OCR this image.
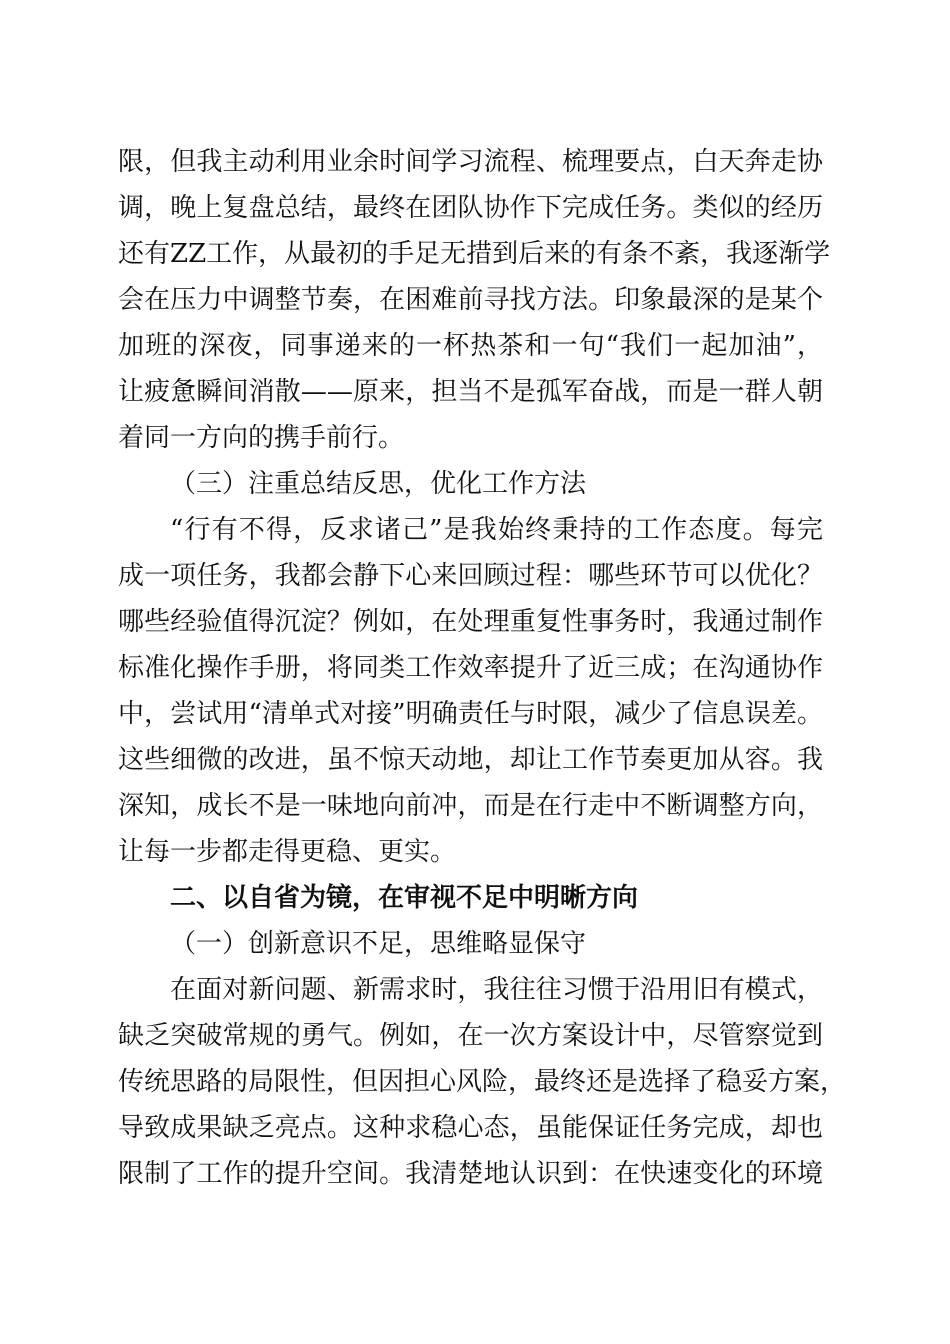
限，但我主动利用业余时间学习流程、梳理要点，白天奔走协
调，晚上复盘总结，最终在团队协作下完成任务。类似的经历
还有ZZ工作，从最初的手足无措到后来的有条不紊，我逐渐学
会在压力中调整节奏，在困难前寻找方法。印象最深的是某个
加班的深夜，同事递来的一杯热茶和一句“我们一起加油”，
让疲惫瞬间消散——原来，担当不是孤军奋战，而是一群人朝
着同一方向的携手前行。
（三）注重总结反思，优化工作方法
“行有不得，反求诸己”是我始终秉持的工作态度。每完
成一项任务，我都会静下心来回顾过程：哪些环节可以优化？
哪些经验值得沉淀？例如，在处理重复性事务时，我通过制作
标准化操作手册，将同类工作效率提升了近三成；在沟通协作
中，尝试用“清单式对接”明确责任与时限，减少了信息误差。
这些细微的改进，虽不惊天动地，却让工作节奏更加从容。我
深知，成长不是一味地向前冲，而是在行走中不断调整方向，
让每一步都走得更稳、更实。
二、以自省为镜，在审视不足中明晰方向
（一）创新意识不足，思维略显保守
在面对新问题、新需求时，我往往习惯于沿用旧有模式，
缺乏突破常规的勇气。例如，在一次方案设计中，尽管察觉到
传统思路的局限性，但因担心风险，最终还是选择了稳妥方案，
导致成果缺乏亮点。这种求稳心态，虽能保证任务完成，却也
限制了工作的提升空间。我清楚地认识到：在快速变化的环境
